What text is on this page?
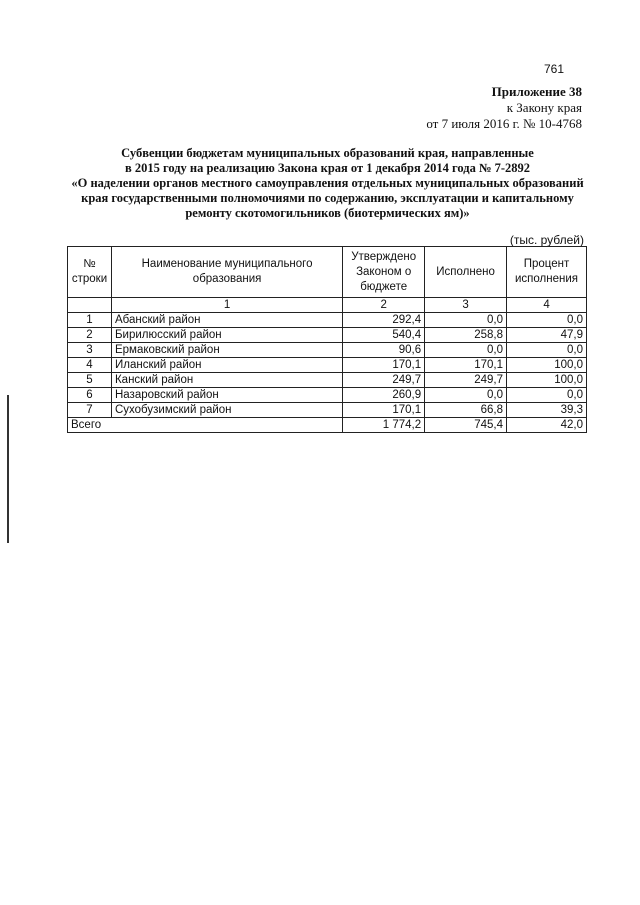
761
Приложение 38
к Закону края
от 7 июля 2016 г. № 10-4768
Субвенции бюджетам муниципальных образований края, направленные
в 2015 году на реализацию Закона края от 1 декабря 2014 года № 7-2892
«О наделении органов местного самоуправления отдельных муниципальных образований
края государственными полномочиями по содержанию, эксплуатации и капитальному
ремонту скотомогильников (биотермических ям)»
(тыс. рублей)
№ строки	Наименование муниципального образования	Утверждено Законом о бюджете	Исполнено	Процент исполнения
	1	2	3	4
1	Абанский район	292,4	0,0	0,0
2	Бирилюсский район	540,4	258,8	47,9
3	Ермаковский район	90,6	0,0	0,0
4	Иланский район	170,1	170,1	100,0
5	Канский район	249,7	249,7	100,0
6	Назаровский район	260,9	0,0	0,0
7	Сухобузимский район	170,1	66,8	39,3
Всего		1 774,2	745,4	42,0
